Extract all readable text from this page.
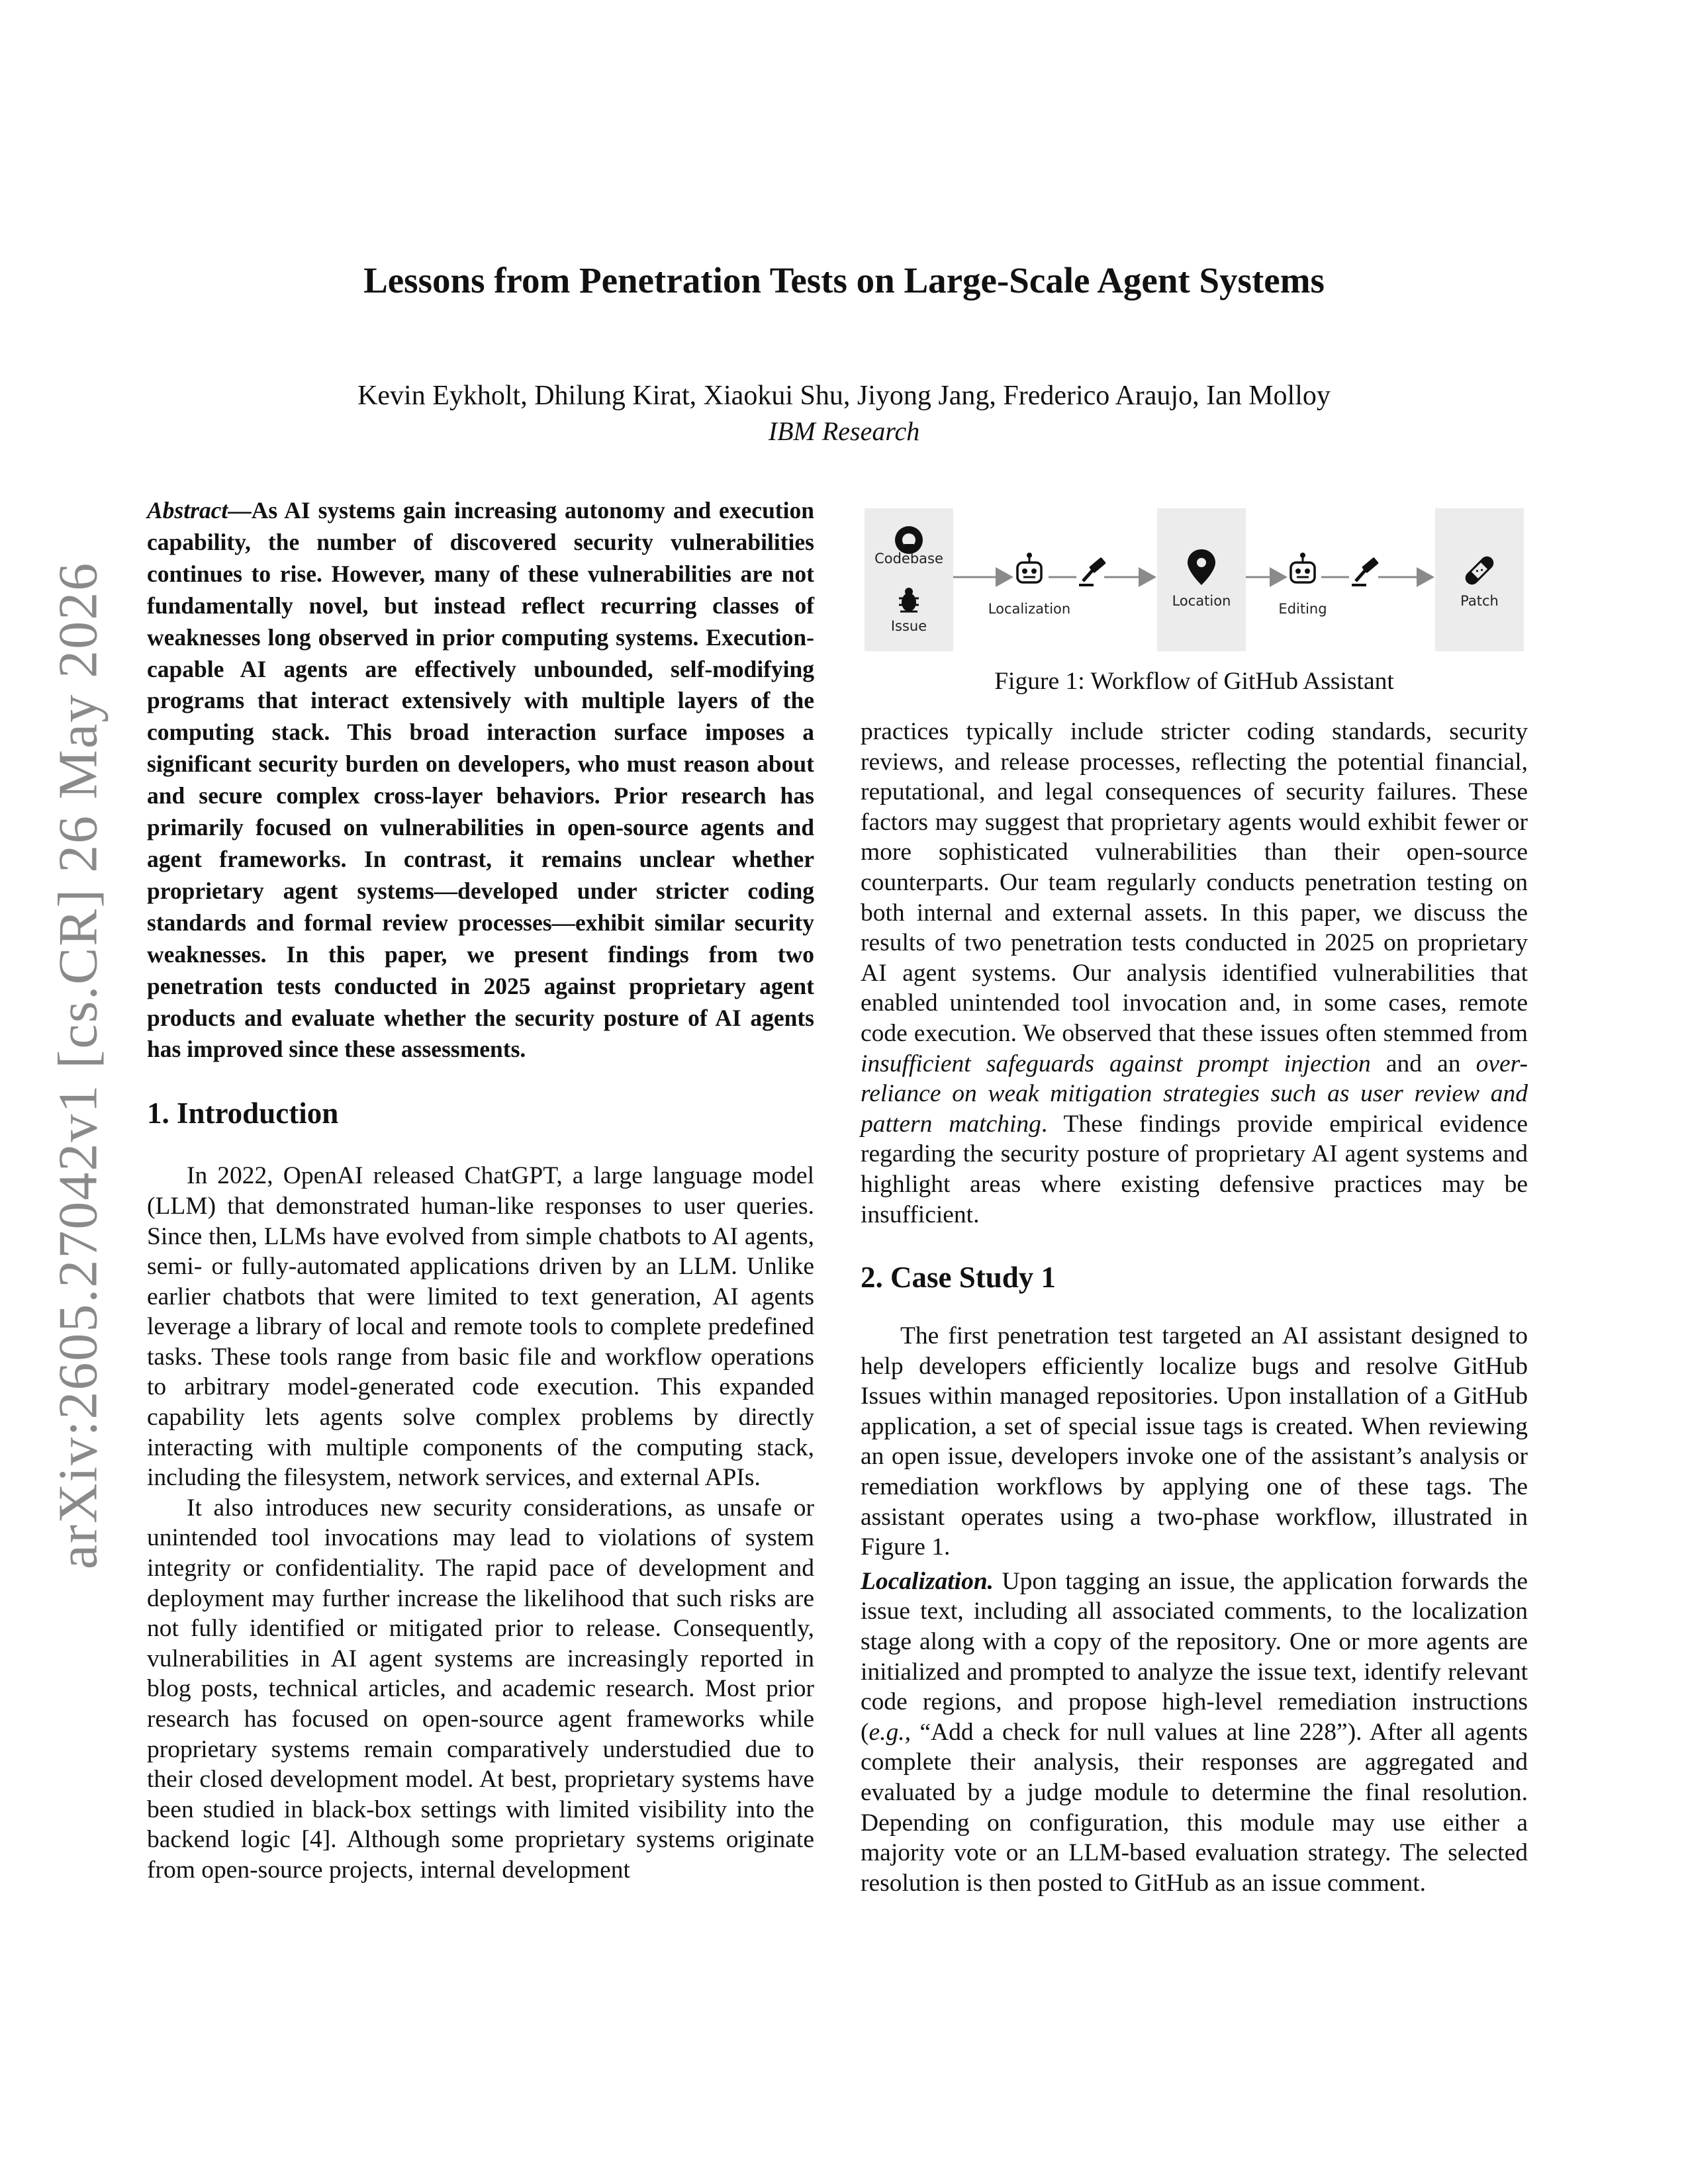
arXiv:2605.27042v1 [cs.CR] 26 May 2026
Lessons from Penetration Tests on Large-Scale Agent Systems
Kevin Eykholt, Dhilung Kirat, Xiaokui Shu, Jiyong Jang, Frederico Araujo, Ian Molloy
IBM Research

Abstract—As AI systems gain increasing autonomy and execution capability, the number of discovered security vulnerabilities continues to rise. However, many of these vulnerabilities are not fundamentally novel, but instead reflect recurring classes of weaknesses long observed in prior computing systems. Execution-capable AI agents are effectively unbounded, self-modifying programs that interact extensively with multiple layers of the computing stack. This broad interaction surface imposes a significant security burden on developers, who must reason about and secure complex cross-layer behaviors. Prior research has primarily focused on vulnerabilities in open-source agents and agent frameworks. In contrast, it remains unclear whether proprietary agent systems—developed under stricter coding standards and formal review processes—exhibit similar security weaknesses. In this paper, we present findings from two penetration tests conducted in 2025 against proprietary agent products and evaluate whether the security posture of AI agents has improved since these assessments.

1. Introduction

In 2022, OpenAI released ChatGPT, a large language model (LLM) that demonstrated human-like responses to user queries. Since then, LLMs have evolved from simple chatbots to AI agents, semi- or fully-automated applications driven by an LLM. Unlike earlier chatbots that were limited to text generation, AI agents leverage a library of local and remote tools to complete predefined tasks. These tools range from basic file and workflow operations to arbitrary model-generated code execution. This expanded capability lets agents solve complex problems by directly interacting with multiple components of the computing stack, including the filesystem, network services, and external APIs.

It also introduces new security considerations, as unsafe or unintended tool invocations may lead to violations of system integrity or confidentiality. The rapid pace of development and deployment may further increase the likelihood that such risks are not fully identified or mitigated prior to release. Consequently, vulnerabilities in AI agent systems are increasingly reported in blog posts, technical articles, and academic research. Most prior research has focused on open-source agent frameworks while proprietary systems remain comparatively understudied due to their closed development model. At best, proprietary systems have been studied in black-box settings with limited visibility into the backend logic [4]. Although some proprietary systems originate from open-source projects, internal development

Codebase
Issue
Localization	Location	Editing	Patch
Figure 1: Workflow of GitHub Assistant

practices typically include stricter coding standards, security reviews, and release processes, reflecting the potential financial, reputational, and legal consequences of security failures. These factors may suggest that proprietary agents would exhibit fewer or more sophisticated vulnerabilities than their open-source counterparts. Our team regularly conducts penetration testing on both internal and external assets. In this paper, we discuss the results of two penetration tests conducted in 2025 on proprietary AI agent systems. Our analysis identified vulnerabilities that enabled unintended tool invocation and, in some cases, remote code execution. We observed that these issues often stemmed from insufficient safeguards against prompt injection and an over-reliance on weak mitigation strategies such as user review and pattern matching. These findings provide empirical evidence regarding the security posture of proprietary AI agent systems and highlight areas where existing defensive practices may be insufficient.

2. Case Study 1

The first penetration test targeted an AI assistant designed to help developers efficiently localize bugs and resolve GitHub Issues within managed repositories. Upon installation of a GitHub application, a set of special issue tags is created. When reviewing an open issue, developers invoke one of the assistant’s analysis or remediation workflows by applying one of these tags. The assistant operates using a two-phase workflow, illustrated in Figure 1.

Localization. Upon tagging an issue, the application forwards the issue text, including all associated comments, to the localization stage along with a copy of the repository. One or more agents are initialized and prompted to analyze the issue text, identify relevant code regions, and propose high-level remediation instructions (e.g., “Add a check for null values at line 228”). After all agents complete their analysis, their responses are aggregated and evaluated by a judge module to determine the final resolution. Depending on configuration, this module may use either a majority vote or an LLM-based evaluation strategy. The selected resolution is then posted to GitHub as an issue comment.
